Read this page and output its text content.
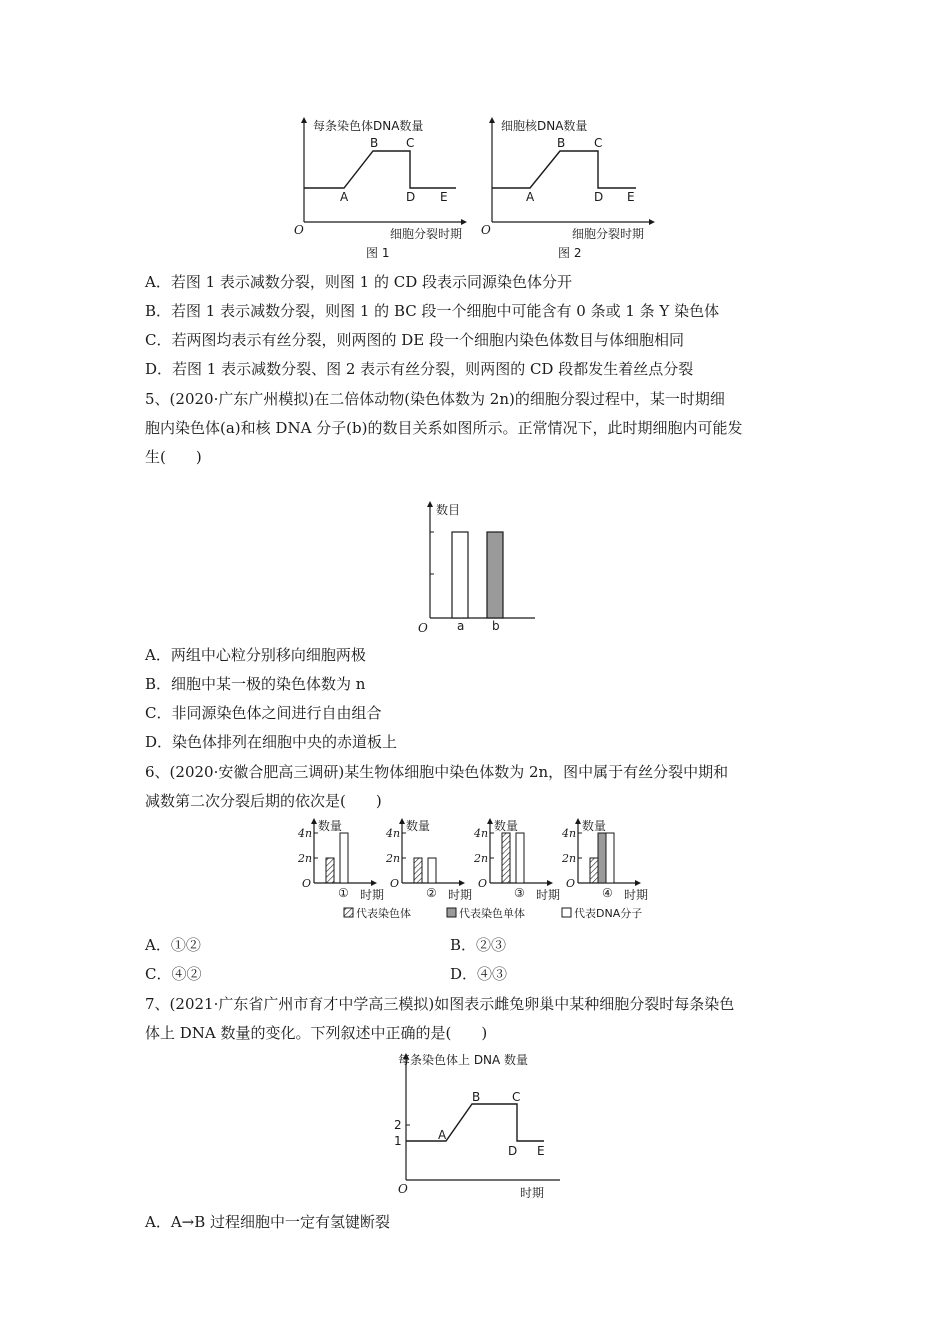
每条染色体DNA数量
O
A
B C
D E
细胞分裂时期
图 1
细胞核DNA数量
O
A
B C
D E
细胞分裂时期
图 2
A．若图 1 表示减数分裂，则图 1 的 CD 段表示同源染色体分开
B．若图 1 表示减数分裂，则图 1 的 BC 段一个细胞中可能含有 0 条或 1 条 Y 染色体
C．若两图均表示有丝分裂，则两图的 DE 段一个细胞内染色体数目与体细胞相同
D．若图 1 表示减数分裂、图 2 表示有丝分裂，则两图的 CD 段都发生着丝点分裂
5、(2020·广东广州模拟)在二倍体动物(染色体数为 2n)的细胞分裂过程中，某一时期细
胞内染色体(a)和核 DNA 分子(b)的数目关系如图所示。正常情况下，此时期细胞内可能发
生(　　)
数目
O a b
A．两组中心粒分别移向细胞两极
B．细胞中某一极的染色体数为 n
C．非同源染色体之间进行自由组合
D．染色体排列在细胞中央的赤道板上
6、(2020·安徽合肥高三调研)某生物体细胞中染色体数为 2n，图中属于有丝分裂中期和
减数第二次分裂后期的依次是(　　)
数量
4n
2n
O
① 时期
数量
4n
2n
O
② 时期
数量
4n
2n
O
③ 时期
数量
4n
2n
O
④ 时期
代表染色体	代表染色单体	代表DNA分子
A．①②	B．②③
C．④②	D．④③
7、(2021·广东省广州市育才中学高三模拟)如图表示雌兔卵巢中某种细胞分裂时每条染色
体上 DNA 数量的变化。下列叙述中正确的是(　　)
每条染色体上 DNA 数量
2
1
O
A
B	C
D E
时期
A．A→B 过程细胞中一定有氢键断裂
